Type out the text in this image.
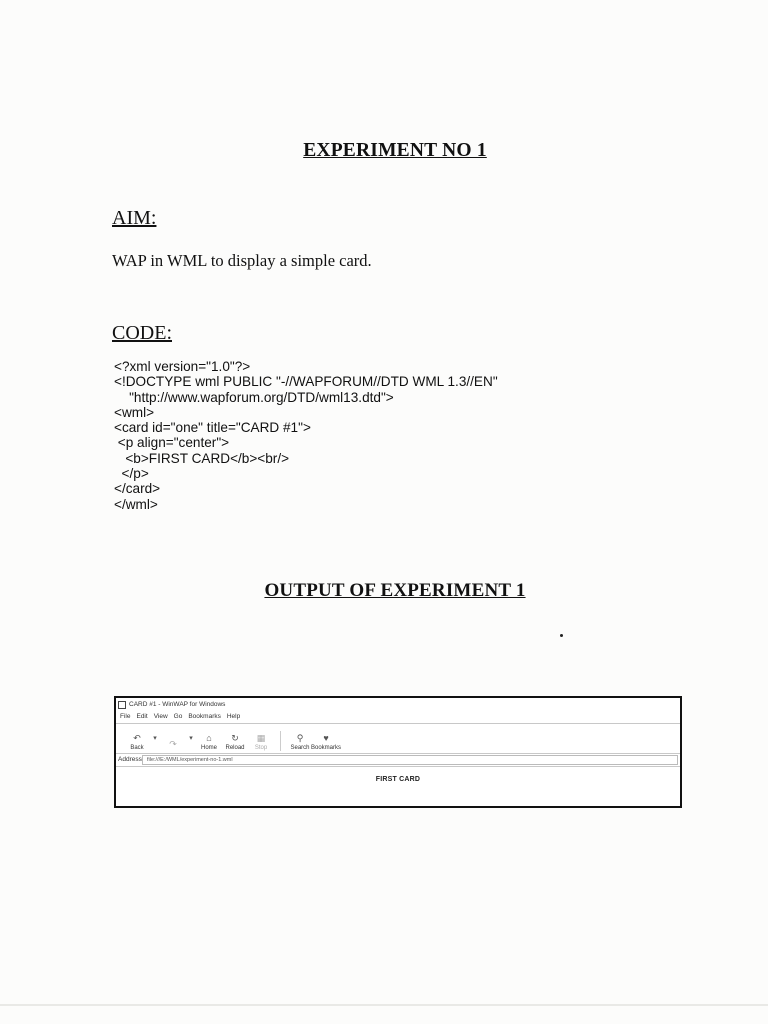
EXPERIMENT NO 1
AIM:
WAP in WML to display a simple card.
CODE:
<?xml version="1.0"?>
<!DOCTYPE wml PUBLIC "-//WAPFORUM//DTD WML 1.3//EN"
"http://www.wapforum.org/DTD/wml13.dtd">
<wml>
<card id="one" title="CARD #1">
<p align="center">
<b>FIRST CARD</b><br/>
</p>
</card>
</wml>
OUTPUT OF EXPERIMENT 1
CARD #1 - WinWAP for Windows
File Edit View Go Bookmarks Help
↶
Back
▾
↷
▾	⌂
Home
↻
Reload
▦
Stop
⚲
Search
♥
Bookmarks
Address file:///E:/WML/experiment-no-1.wml
FIRST CARD
